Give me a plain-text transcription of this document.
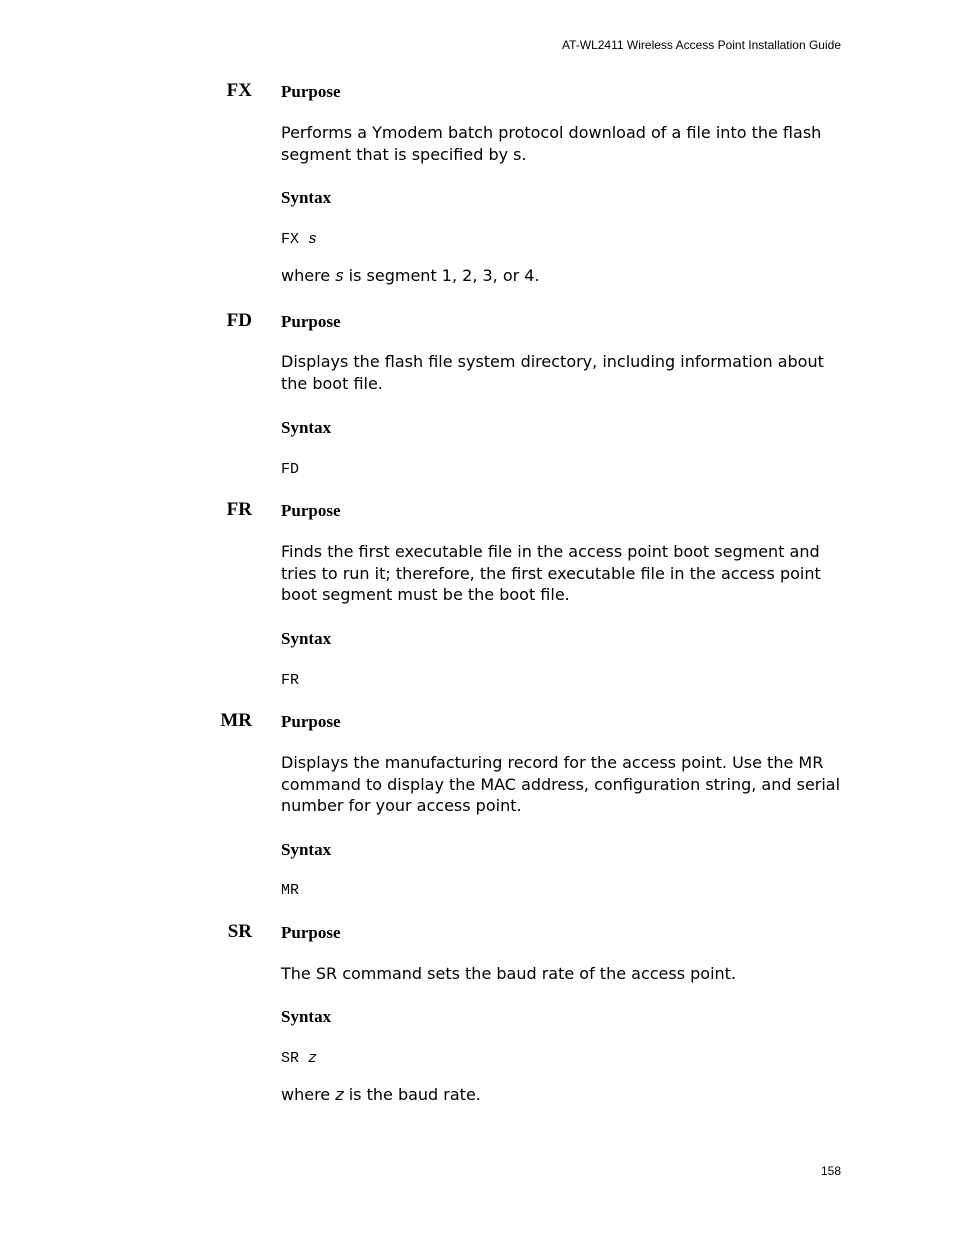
AT-WL2411 Wireless Access Point Installation Guide
FX Purpose
Performs a Ymodem batch protocol download of a file into the flash segment that is specified by s.
Syntax
FX s
where s is segment 1, 2, 3, or 4.
FD Purpose
Displays the flash file system directory, including information about the boot file.
Syntax
FD
FR Purpose
Finds the first executable file in the access point boot segment and tries to run it; therefore, the first executable file in the access point boot segment must be the boot file.
Syntax
FR
MR Purpose
Displays the manufacturing record for the access point. Use the MR command to display the MAC address, configuration string, and serial number for your access point.
Syntax
MR
SR Purpose
The SR command sets the baud rate of the access point.
Syntax
SR z
where z is the baud rate.
158
